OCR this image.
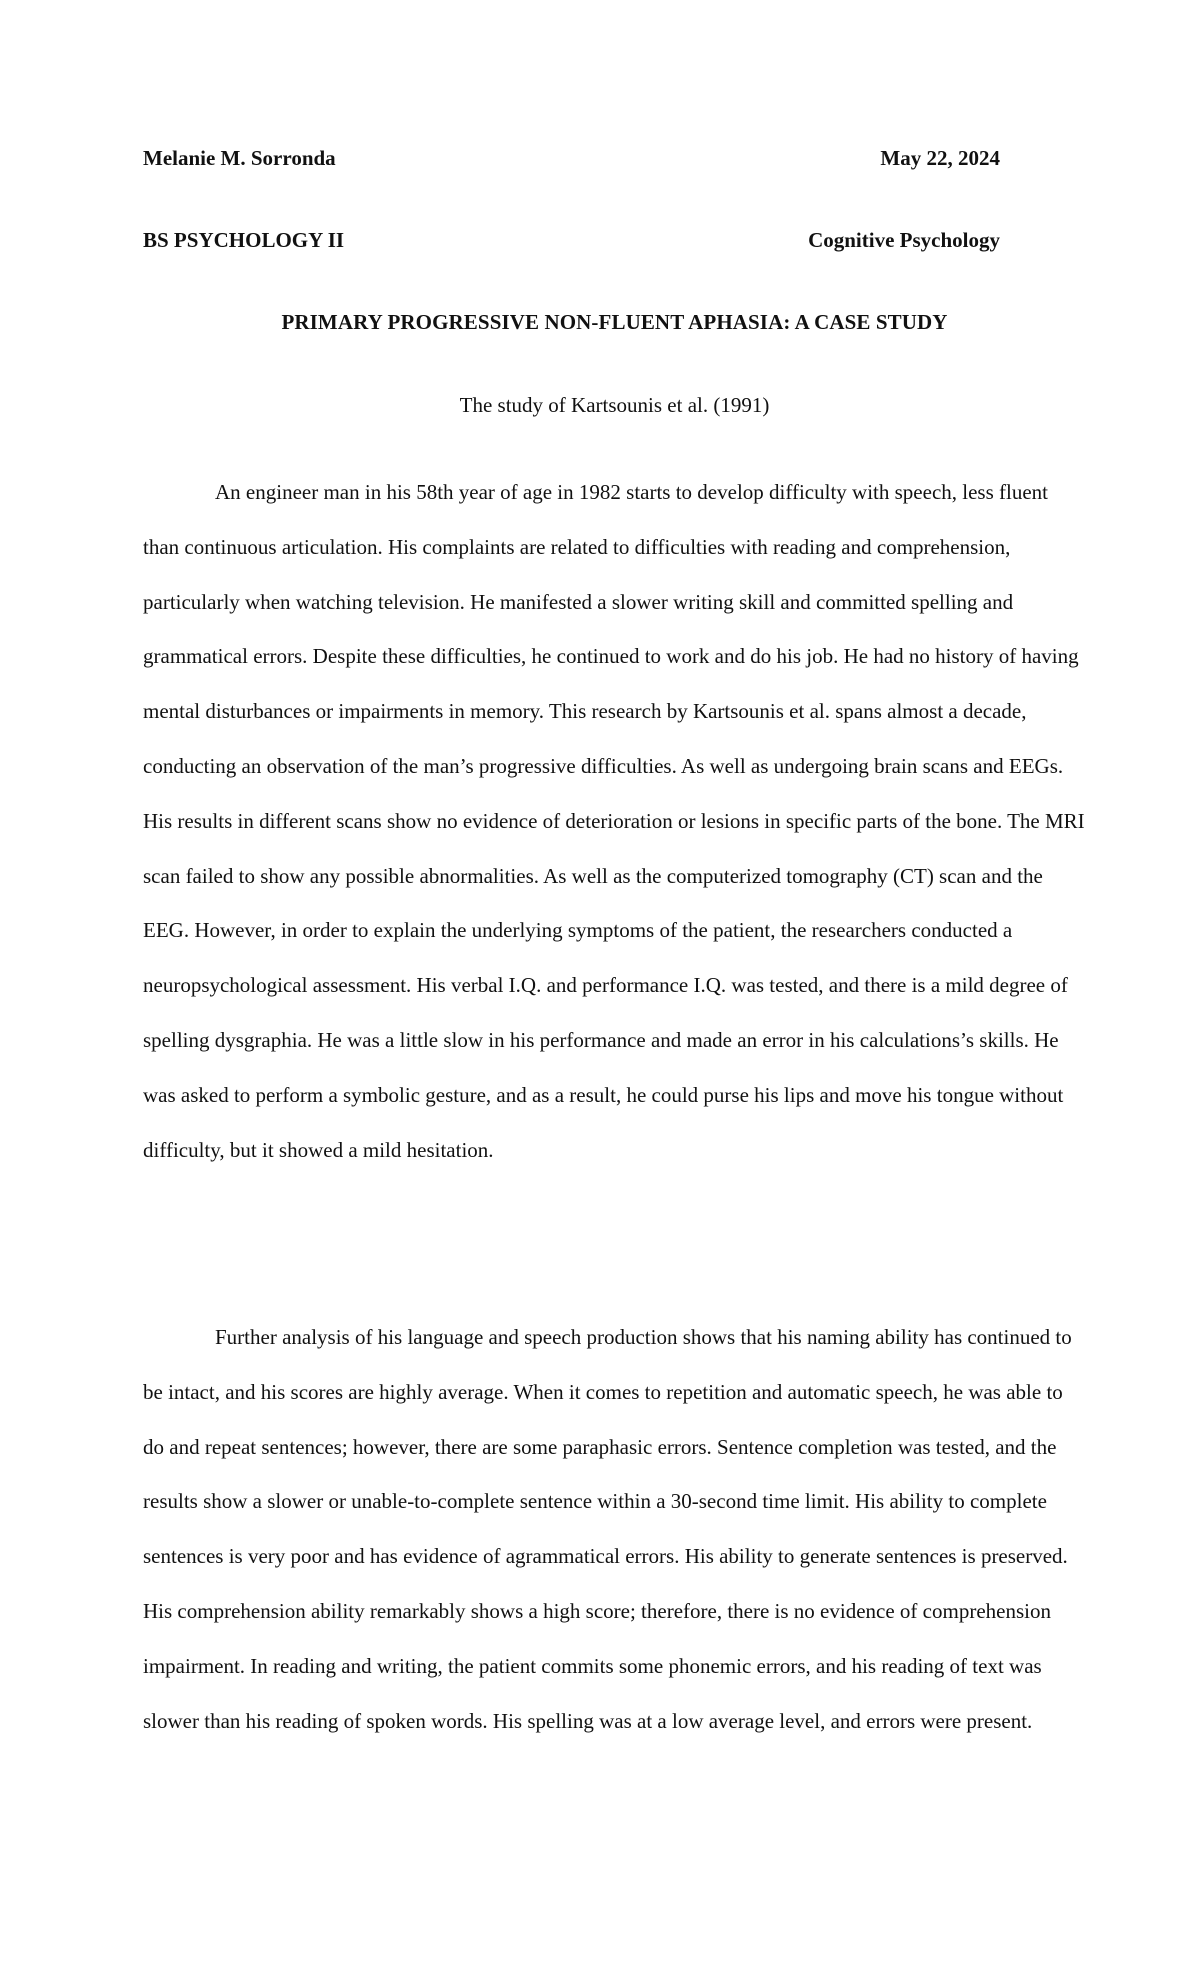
Melanie M. Sorronda	May 22, 2024
BS PSYCHOLOGY II	Cognitive Psychology
PRIMARY PROGRESSIVE NON-FLUENT APHASIA: A CASE STUDY
The study of Kartsounis et al. (1991)

An engineer man in his 58th year of age in 1982 starts to develop difficulty with speech, less fluent than continuous articulation. His complaints are related to difficulties with reading and comprehension, particularly when watching television. He manifested a slower writing skill and committed spelling and grammatical errors. Despite these difficulties, he continued to work and do his job. He had no history of having mental disturbances or impairments in memory. This research by Kartsounis et al. spans almost a decade, conducting an observation of the man’s progressive difficulties. As well as undergoing brain scans and EEGs. His results in different scans show no evidence of deterioration or lesions in specific parts of the bone. The MRI scan failed to show any possible abnormalities. As well as the computerized tomography (CT) scan and the EEG. However, in order to explain the underlying symptoms of the patient, the researchers conducted a neuropsychological assessment. His verbal I.Q. and performance I.Q. was tested, and there is a mild degree of spelling dysgraphia. He was a little slow in his performance and made an error in his calculations’s skills. He was asked to perform a symbolic gesture, and as a result, he could purse his lips and move his tongue without difficulty, but it showed a mild hesitation.

Further analysis of his language and speech production shows that his naming ability has continued to be intact, and his scores are highly average. When it comes to repetition and automatic speech, he was able to do and repeat sentences; however, there are some paraphasic errors. Sentence completion was tested, and the results show a slower or unable-to-complete sentence within a 30-second time limit. His ability to complete sentences is very poor and has evidence of agrammatical errors. His ability to generate sentences is preserved. His comprehension ability remarkably shows a high score; therefore, there is no evidence of comprehension impairment. In reading and writing, the patient commits some phonemic errors, and his reading of text was slower than his reading of spoken words. His spelling was at a low average level, and errors were present.
